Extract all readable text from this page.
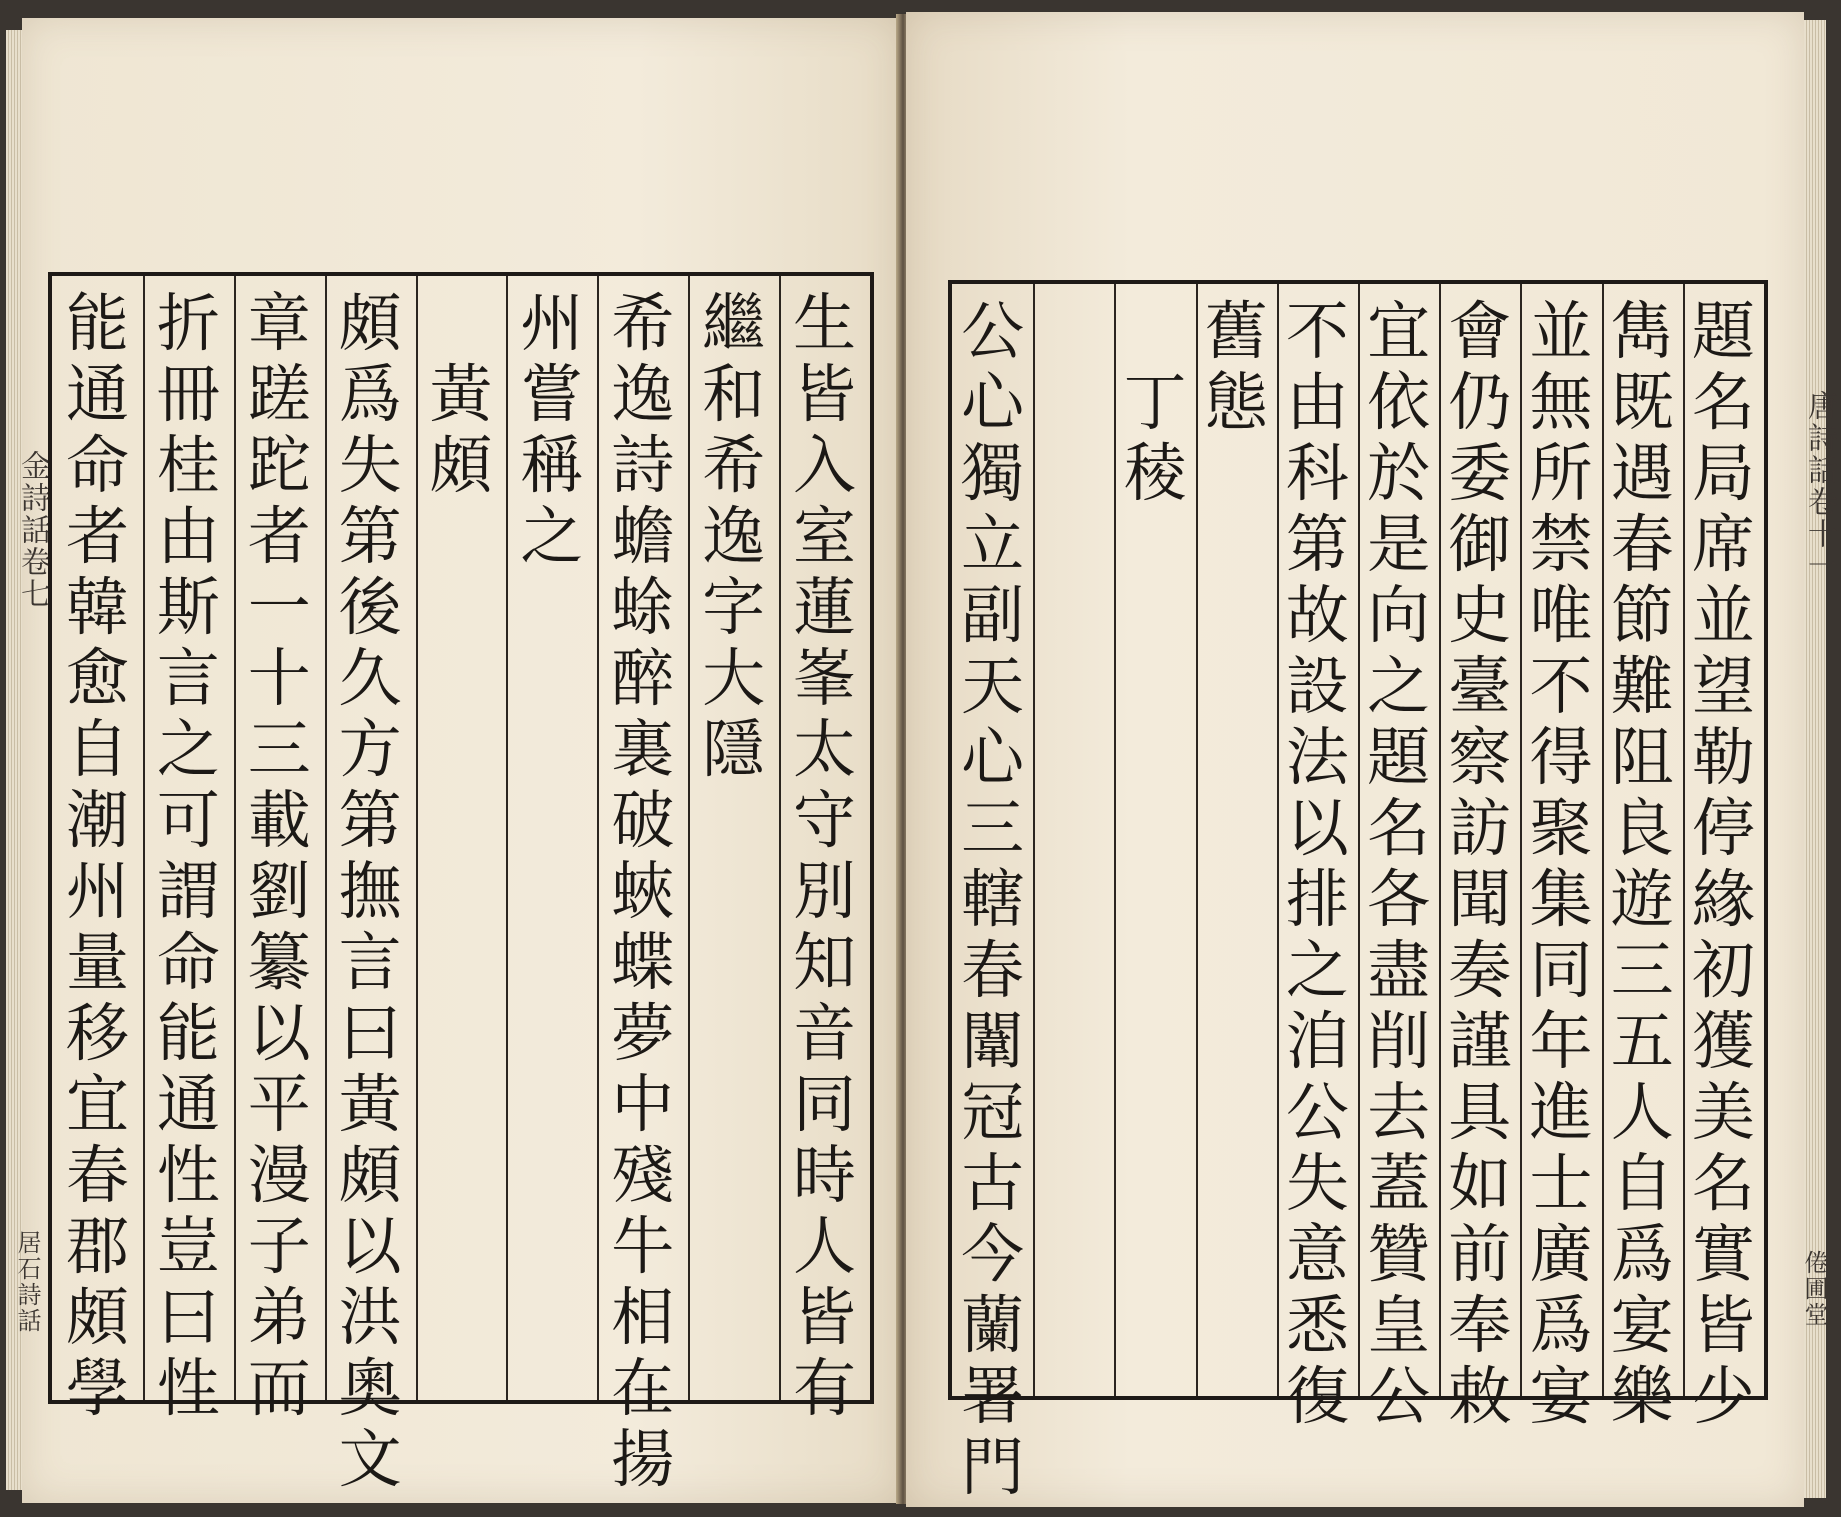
金詩話卷七
居石詩話
唐詩話卷十一
倦圃堂
生
皆
入
室
蓮
峯
太
守
別
知
音
同
時
人
皆
有
繼
和
希
逸
字
大
隱
希
逸
詩
蟾
蜍
醉
裏
破
蛺
蝶
夢
中
殘
牛
相
在
揚
州
嘗
稱
之

黃
頗
頗
爲
失
第
後
久
方
第
撫
言
曰
黃
頗
以
洪
奧
文
章
蹉
跎
者
一
十
三
載
劉
纂
以
平
漫
子
弟
而
折
冊
桂
由
斯
言
之
可
謂
命
能
通
性
豈
曰
性
能
通
命
者
韓
愈
自
潮
州
量
移
宜
春
郡
頗
學
題
名
局
席
並
望
勒
停
緣
初
獲
美
名
實
皆
少
雋
既
遇
春
節
難
阻
良
遊
三
五
人
自
爲
宴
樂
並
無
所
禁
唯
不
得
聚
集
同
年
進
士
廣
爲
宴
會
仍
委
御
史
臺
察
訪
聞
奏
謹
具
如
前
奉
敕
宜
依
於
是
向
之
題
名
各
盡
削
去
蓋
贊
皇
公
不
由
科
第
故
設
法
以
排
之
洎
公
失
意
悉
復
舊
態

丁
稜
公
心
獨
立
副
天
心
三
轄
春
闈
冠
古
今
蘭
署
門
